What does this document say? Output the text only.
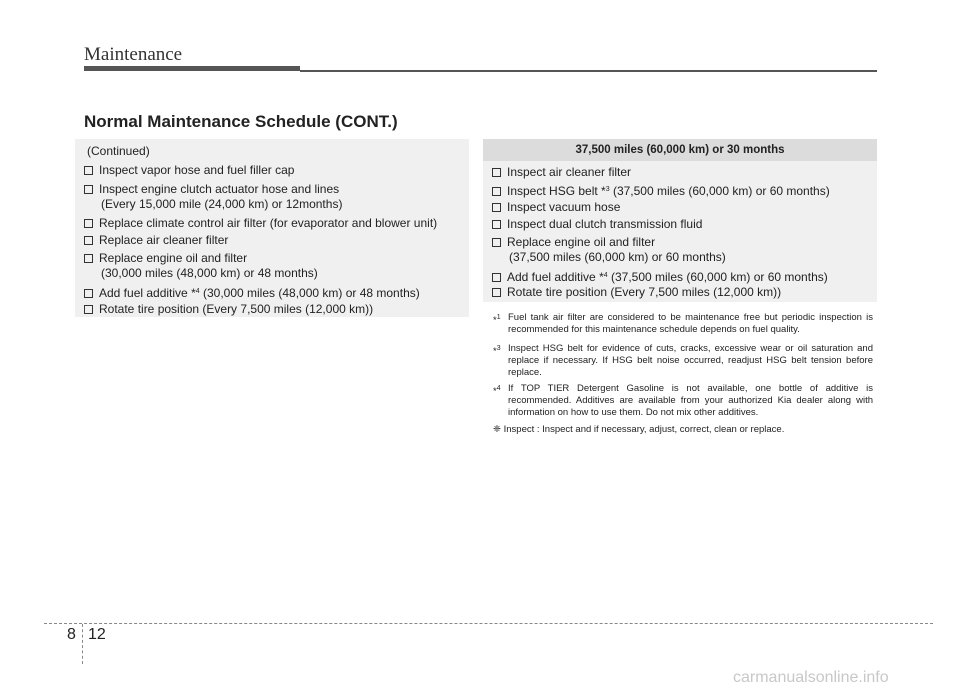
Maintenance
Normal Maintenance Schedule (CONT.)
(Continued)
Inspect vapor hose and fuel filler cap
Inspect engine clutch actuator hose and lines
(Every 15,000 mile (24,000 km) or 12months)
Replace climate control air filter (for evaporator and blower unit)
Replace air cleaner filter
Replace engine oil and filter
(30,000 miles (48,000 km) or 48 months)
Add fuel additive *$^4$ (30,000 miles (48,000 km) or 48 months)
Rotate tire position (Every 7,500 miles (12,000 km))
37,500 miles (60,000 km) or 30 months
Inspect air cleaner filter
Inspect HSG belt *$^3$ (37,500 miles (60,000 km) or 60 months)
Inspect vacuum hose
Inspect dual clutch transmission fluid
Replace engine oil and filter
(37,500 miles (60,000 km) or 60 months)
Add fuel additive *$^4$ (37,500 miles (60,000 km) or 60 months)
Rotate tire position (Every 7,500 miles (12,000 km))
*$^1$ Fuel tank air filter are considered to be maintenance free but periodic inspection is recommended for this maintenance schedule depends on fuel quality.
*$^3$ Inspect HSG belt for evidence of cuts, cracks, excessive wear or oil saturation and replace if necessary. If HSG belt noise occurred, readjust HSG belt tension before replace.
*$^4$ If TOP TIER Detergent Gasoline is not available, one bottle of additive is recommended. Additives are available from your authorized Kia dealer along with information on how to use them. Do not mix other additives.
❈ Inspect : Inspect and if necessary, adjust, correct, clean or replace.
8 12
carmanualsonline.info
